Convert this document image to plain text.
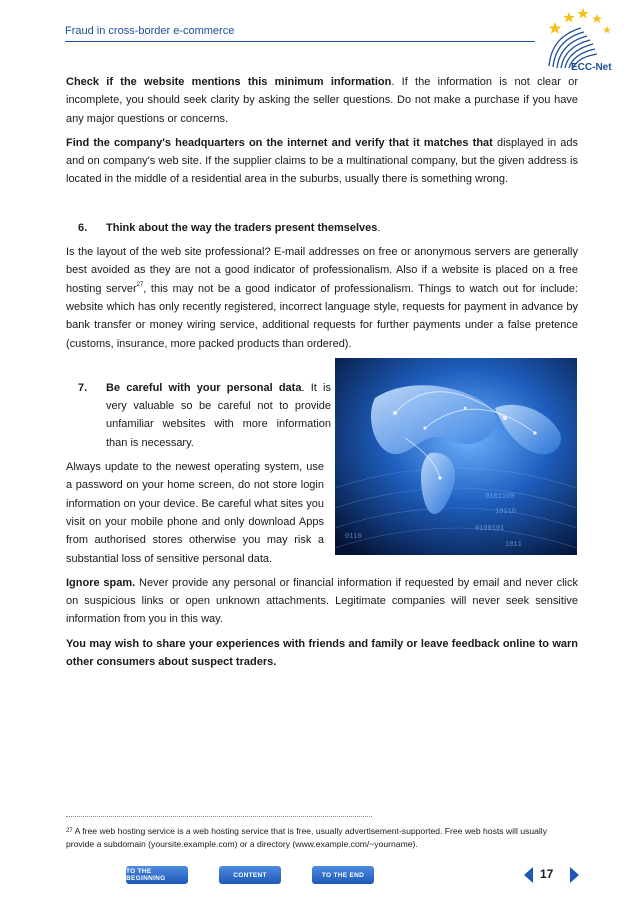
Fraud in cross-border e-commerce
ECC-Net

Check if the website mentions this minimum information. If the information is not clear or incomplete, you should seek clarity by asking the seller questions. Do not make a purchase if you have any major questions or concerns.

Find the company's headquarters on the internet and verify that it matches that displayed in ads and on company's web site. If the supplier claims to be a multinational company, but the given address is located in the middle of a residential area in the suburbs, usually there is something wrong.

6. Think about the way the traders present themselves.

Is the layout of the web site professional? E-mail addresses on free or anonymous servers are generally best avoided as they are not a good indicator of professionalism. Also if a website is placed on a free hosting server$^{27}$, this may not be a good indicator of professionalism. Things to watch out for include: website which has only recently registered, incorrect language style, requests for payment in advance by bank transfer or money wiring service, additional requests for further payments under a false pretence (customs, insurance, more packed products than ordered).

7.	Be careful with your personal data. It is very valuable so be careful not to provide unfamiliar websites with more information than is necessary.

Always update to the newest operating system, use a password on your home screen, do not store login information on your device. Be careful what sites you visit on your mobile phone and only download Apps from authorised stores otherwise you may risk a substantial loss of sensitive personal data.

Ignore spam. Never provide any personal or financial information if requested by email and never click on suspicious links or open unknown attachments. Legitimate companies will never seek sensitive information from you in this way.

You may wish to share your experiences with friends and family or leave feedback online to warn other consumers about suspect traders.

0101100
10110
0100101
1011
0110
$^{27}$ A free web hosting service is a web hosting service that is free, usually advertisement-supported. Free web hosts will usually provide a subdomain (yoursite.example.com) or a directory (www.example.com/~yourname).
TO THE BEGINNING	CONTENT	TO THE END	17
